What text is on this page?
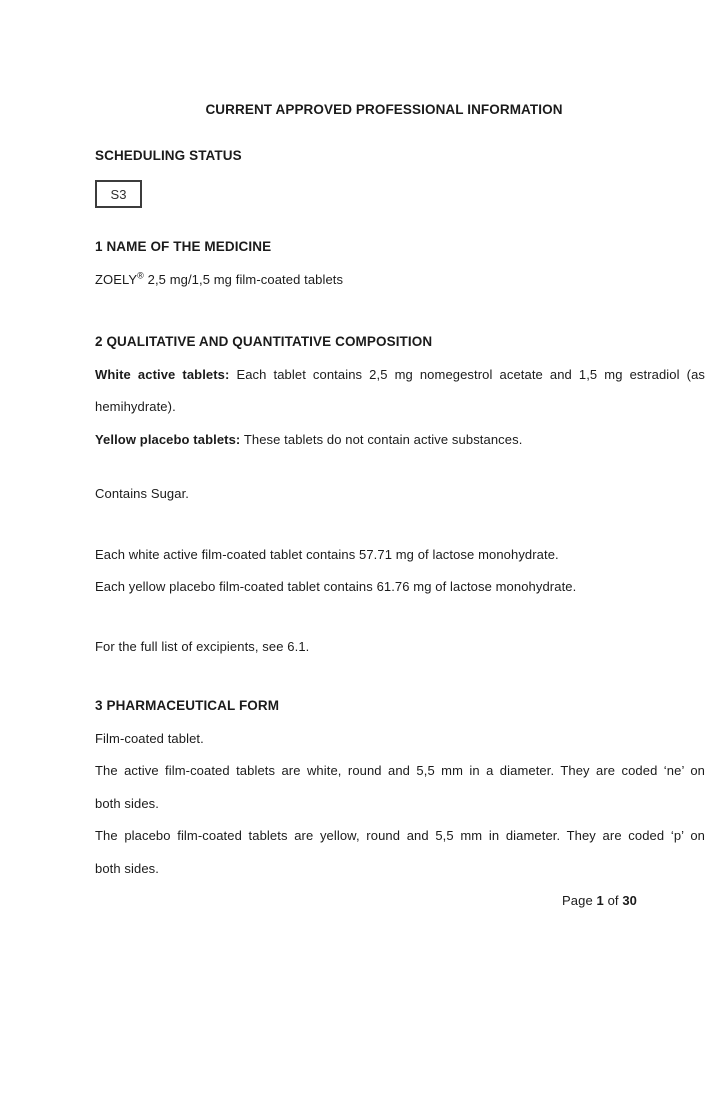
CURRENT APPROVED PROFESSIONAL INFORMATION
SCHEDULING STATUS
S3
1 NAME OF THE MEDICINE
ZOELY® 2,5 mg/1,5 mg film-coated tablets
2 QUALITATIVE AND QUANTITATIVE COMPOSITION
White active tablets: Each tablet contains 2,5 mg nomegestrol acetate and 1,5 mg estradiol (as
hemihydrate).
Yellow placebo tablets: These tablets do not contain active substances.
Contains Sugar.
Each white active film-coated tablet contains 57.71 mg of lactose monohydrate.
Each yellow placebo film-coated tablet contains 61.76 mg of lactose monohydrate.
For the full list of excipients, see 6.1.
3 PHARMACEUTICAL FORM
Film-coated tablet.
The active film-coated tablets are white, round and 5,5 mm in a diameter. They are coded ‘ne’ on
both sides.
The placebo film-coated tablets are yellow, round and 5,5 mm in diameter. They are coded ‘p’ on
both sides.
Page 1 of 30
